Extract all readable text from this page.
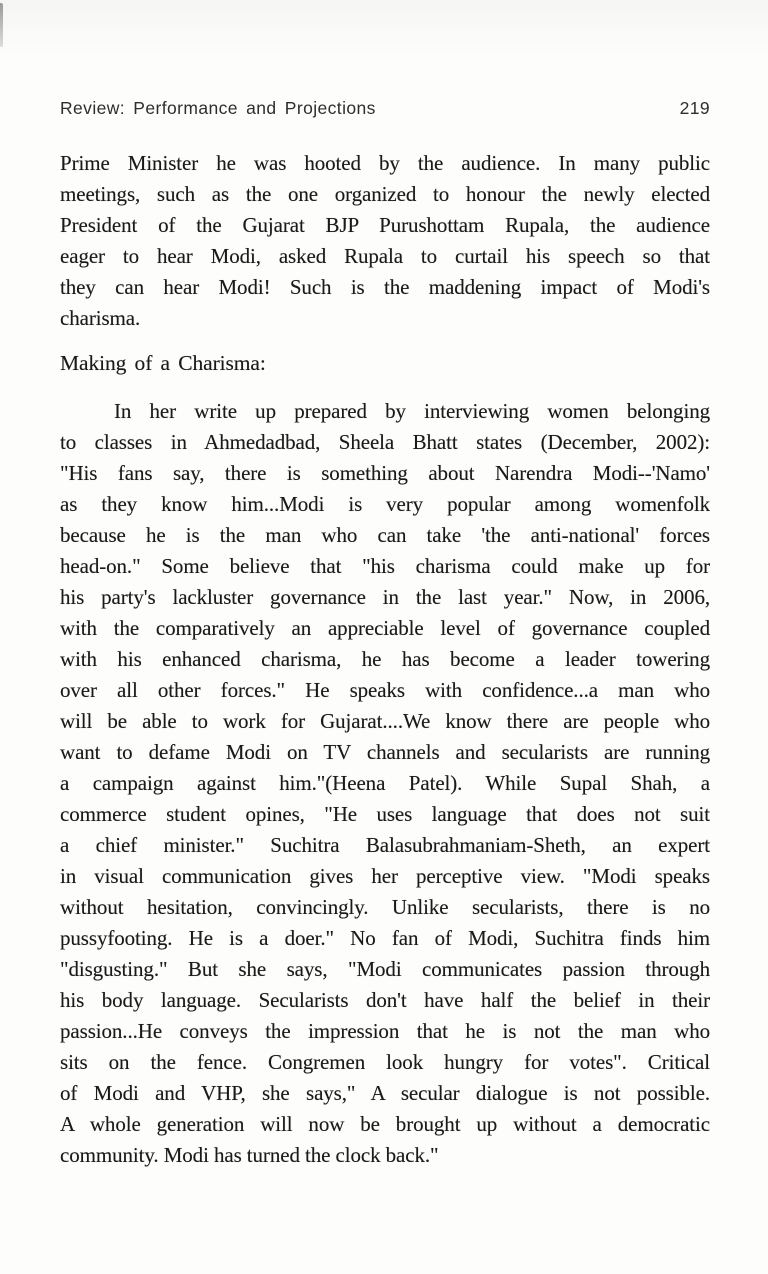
Review: Performance and Projections	219
Prime Minister he was hooted by the audience. In many public
meetings, such as the one organized to honour the newly elected
President of the Gujarat BJP Purushottam Rupala, the audience
eager to hear Modi, asked Rupala to curtail his speech so that
they can hear Modi! Such is the maddening impact of Modi's
charisma.
Making of a Charisma:
In her write up prepared by interviewing women belonging
to classes in Ahmedadbad, Sheela Bhatt states (December, 2002):
"His fans say, there is something about Narendra Modi--'Namo'
as they know him...Modi is very popular among womenfolk
because he is the man who can take 'the anti-national' forces
head-on." Some believe that "his charisma could make up for
his party's lackluster governance in the last year." Now, in 2006,
with the comparatively an appreciable level of governance coupled
with his enhanced charisma, he has become a leader towering
over all other forces." He speaks with confidence...a man who
will be able to work for Gujarat....We know there are people who
want to defame Modi on TV channels and secularists are running
a campaign against him."(Heena Patel). While Supal Shah, a
commerce student opines, "He uses language that does not suit
a chief minister." Suchitra Balasubrahmaniam-Sheth, an expert
in visual communication gives her perceptive view. "Modi speaks
without hesitation, convincingly. Unlike secularists, there is no
pussyfooting. He is a doer." No fan of Modi, Suchitra finds him
"disgusting." But she says, "Modi communicates passion through
his body language. Secularists don't have half the belief in their
passion...He conveys the impression that he is not the man who
sits on the fence. Congremen look hungry for votes". Critical
of Modi and VHP, she says," A secular dialogue is not possible.
A whole generation will now be brought up without a democratic
community. Modi has turned the clock back."
